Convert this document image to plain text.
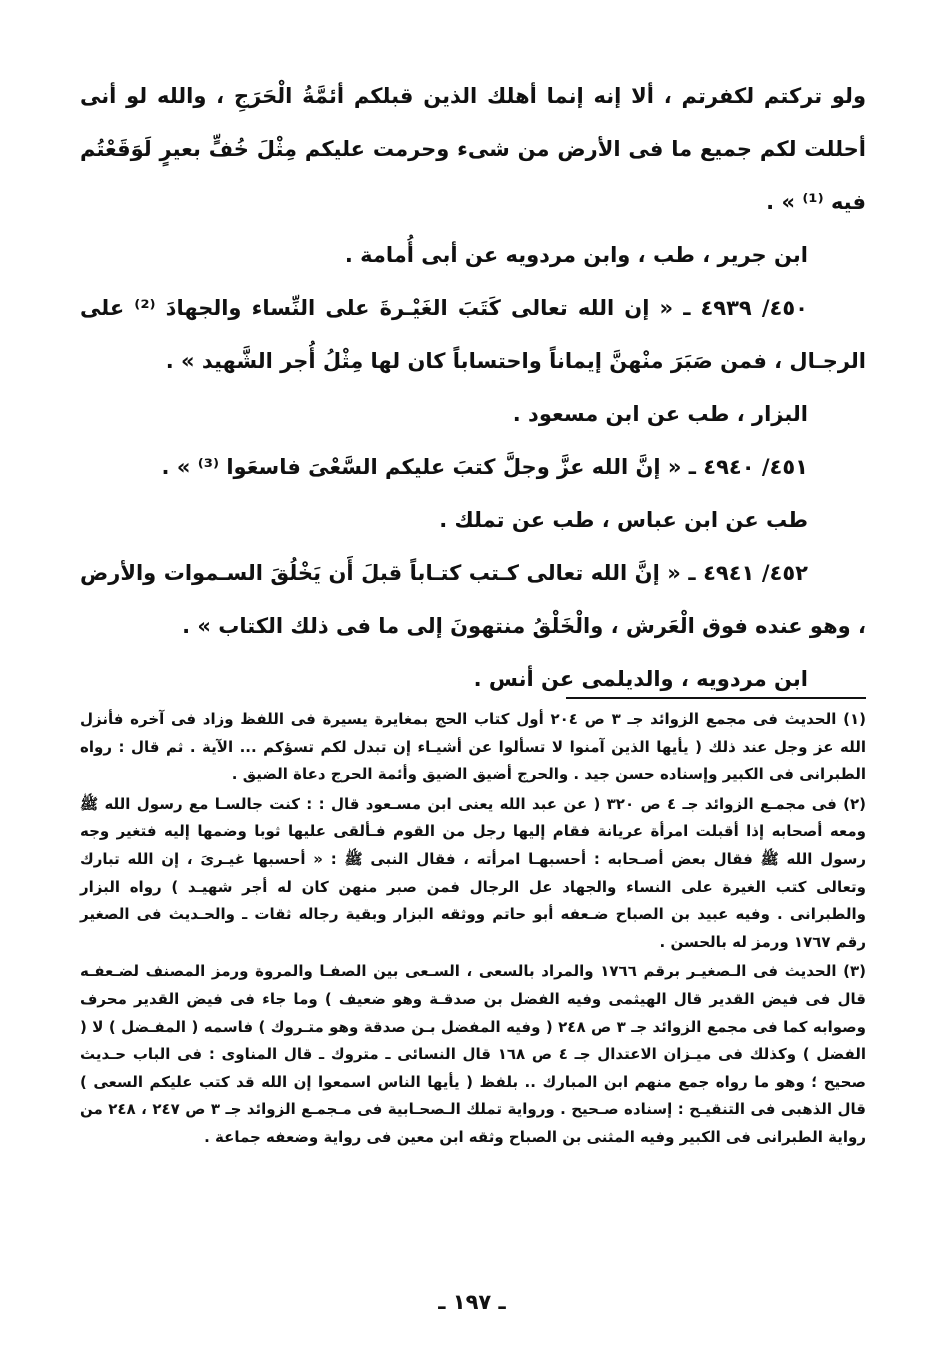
ولو تركتم لكفرتم ، ألا إنه إنما أهلك الذين قبلكم أئمَّةُ الْحَرَجِ ، والله لو أنى أحللت لكم جميع ما فى الأرض من شىء وحرمت عليكم مِثْلَ خُفٍّ بعيرٍ لَوَقَعْتُم فيه ⁽¹⁾ » .

ابن جرير ، طب ، وابن مردويه عن أبى أُمامة .

٤٥٠/ ٤٩٣٩ ـ « إن الله تعالى كَتَبَ الغَيْـرةَ على النِّساء والجهادَ ⁽²⁾ على الرجـال ، فمن صَبَرَ منْهنَّ إيماناً واحتساباً كان لها مِثْلُ أُجر الشَّهيد » .

البزار ، طب عن ابن مسعود .

٤٥١/ ٤٩٤٠ ـ « إنَّ الله عزَّ وجلَّ كتبَ عليكم السَّعْىَ فاسعَوا ⁽³⁾ » .

طب عن ابن عباس ، طب عن تملك .

٤٥٢/ ٤٩٤١ ـ « إنَّ الله تعالى كـتب كتـاباً قبلَ أَن يَخْلُقَ السـموات والأرض ، وهو عنده فوق الْعَرش ، والْخَلْقُ منتهونَ إلى ما فى ذلك الكتاب » .

ابن مردويه ، والديلمى عن أنس .

(١) الحديث فى مجمع الزوائد جـ ٣ ص ٢٠٤ أول كتاب الحج بمغايرة يسيرة فى اللفظ وزاد فى آخره فأنزل الله عز وجل عند ذلك ( يأيها الذين آمنوا لا تسألوا عن أشيـاء إن تبدل لكم تسؤكم ... الآية . ثم قال : رواه الطبرانى فى الكبير وإسناده حسن جيد . والحرج أضيق الضيق وأئمة الحرج دعاة الضيق .

(٢) فى مجمـع الزوائد جـ ٤ ص ٣٢٠ ( عن عبد الله يعنى ابن مسـعود قال : : كنت جالسـا مع رسول الله ﷺ ومعه أصحابه إذا أقبلت امرأة عريانة فقام إليها رجل من القوم فـألقى عليها ثوبا وضمها إليه فتغير وجه رسول الله ﷺ فقال بعض أصـحابه : أحسبهـا امرأته ، فقال النبى ﷺ : « أحسبها غيـرىَ ، إن الله تبارك وتعالى كتب الغيرة على النساء والجهاد عل الرجال فمن صبر منهن كان له أجر شهيـد ) رواه البزار والطبرانى . وفيه عبيد بن الصباح ضـعفه أبو حاتم ووثقه البزار وبقية رجاله ثقات ـ والحـديث فى الصغير رقم ١٧٦٧ ورمز له بالحسن .

(٣) الحديث فى الـصغيـر برقم ١٧٦٦ والمراد بالسعى ، السـعى بين الصفـا والمروة ورمز المصنف لضـعفـه قال فى فيض القدير قال الهيثمى وفيه الفضل بن صدقـة وهو ضعيف ) وما جاء فى فيض القدير محرف وصوابه كما فى مجمع الزوائد جـ ٣ ص ٢٤٨ ( وفيه المفضل بـن صدقة وهو متـروك ) فاسمه ( المفـضل ) لا ( الفضل ) وكذلك فى ميـزان الاعتدال جـ ٤ ص ١٦٨ قال النسائى ـ متروك ـ قال المناوى : فى الباب حـديث صحيح ؛ وهو ما رواه جمع منهم ابن المبارك .. بلفظ ( يأيها الناس اسمعوا إن الله قد كتب عليكم السعى ) قال الذهبى فى التنقيـح : إسناده صـحيح . ورواية تملك الـصحـابية فى مـجمـع الزوائد جـ ٣ ص ٢٤٧ ، ٢٤٨ من رواية الطبرانى فى الكبير وفيه المثنى بن الصباح وثقه ابن معين فى رواية وضعفه جماعة .

ـ ١٩٧ ـ
